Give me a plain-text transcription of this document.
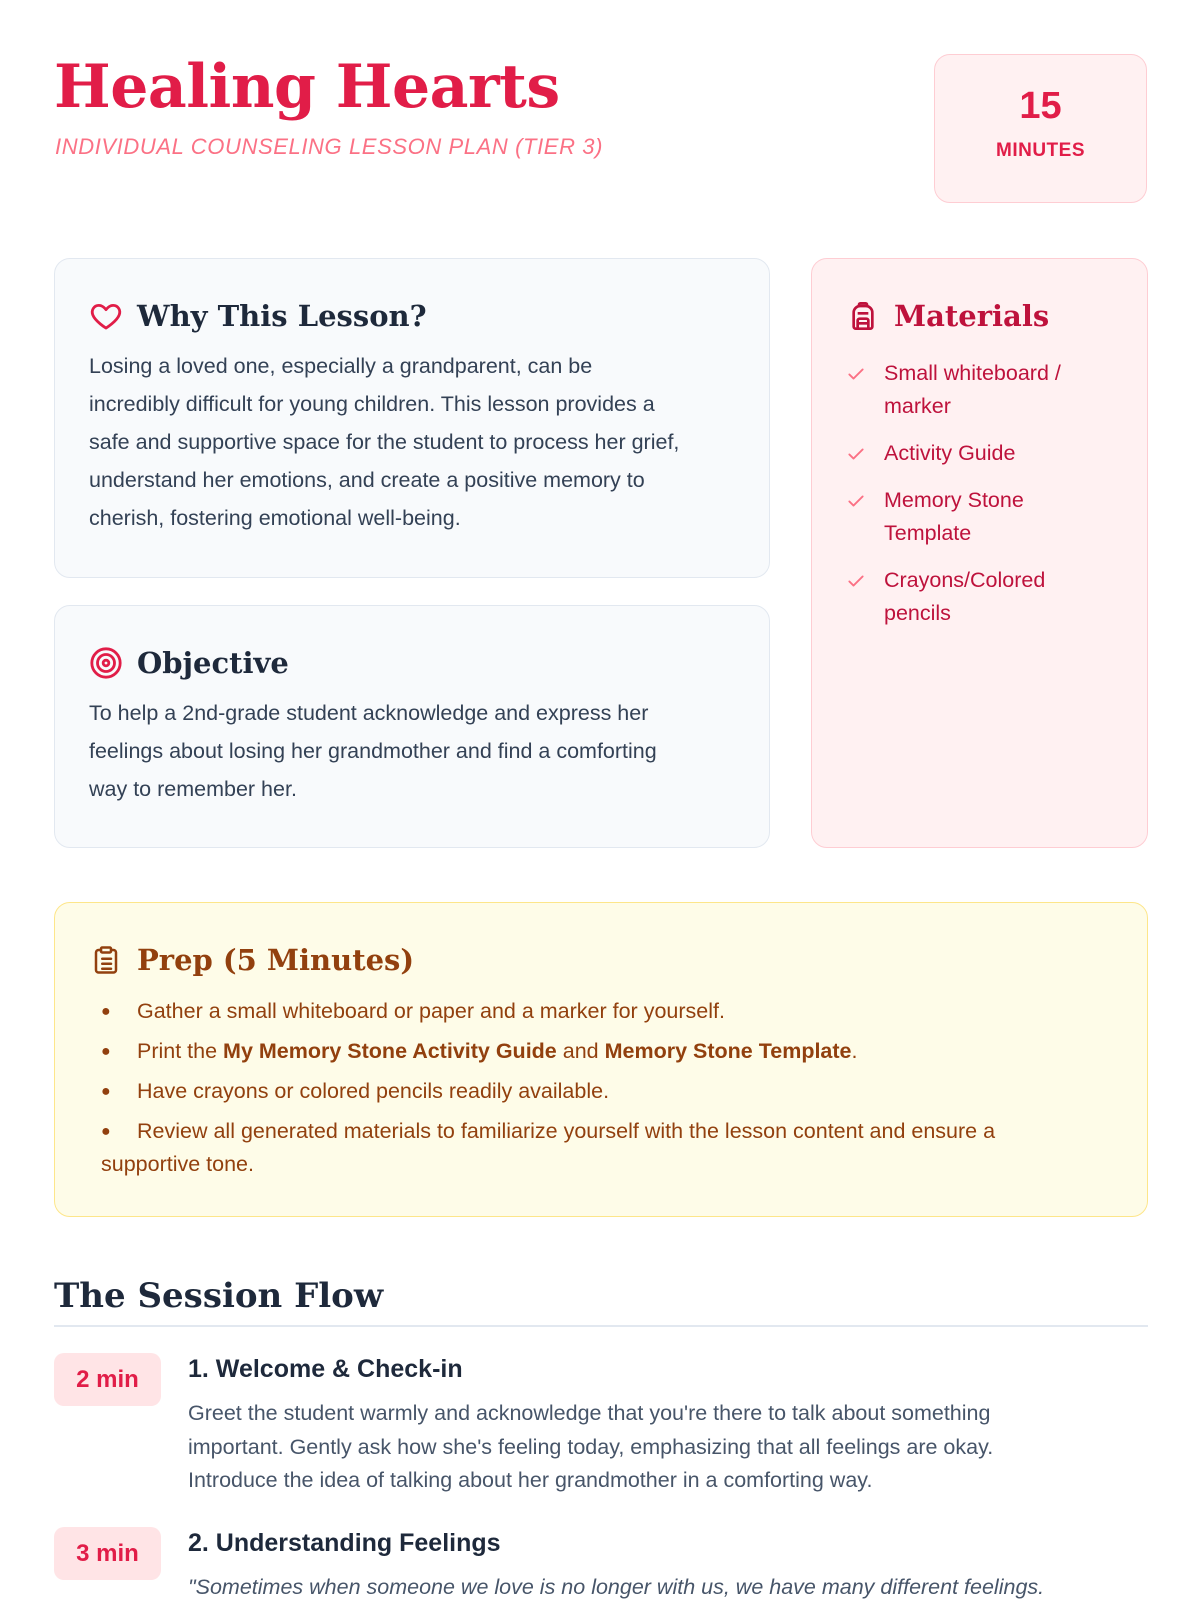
Healing Hearts
INDIVIDUAL COUNSELING LESSON PLAN (TIER 3)
15
MINUTES
Why This Lesson?
Losing a loved one, especially a grandparent, can be
incredibly difficult for young children. This lesson provides a
safe and supportive space for the student to process her grief,
understand her emotions, and create a positive memory to
cherish, fostering emotional well-being.
Objective
To help a 2nd-grade student acknowledge and express her
feelings about losing her grandmother and find a comforting
way to remember her.
Materials
Small whiteboard /
marker
Activity Guide
Memory Stone
Template
Crayons/Colored
pencils
Prep (5 Minutes)
● Gather a small whiteboard or paper and a marker for yourself.
● Print the My Memory Stone Activity Guide and Memory Stone Template.
● Have crayons or colored pencils readily available.
● Review all generated materials to familiarize yourself with the lesson content and ensure a
supportive tone.
The Session Flow
2 min	1. Welcome & Check-in
Greet the student warmly and acknowledge that you're there to talk about something
important. Gently ask how she's feeling today, emphasizing that all feelings are okay.
Introduce the idea of talking about her grandmother in a comforting way.
3 min	2. Understanding Feelings
"Sometimes when someone we love is no longer with us, we have many different feelings.
